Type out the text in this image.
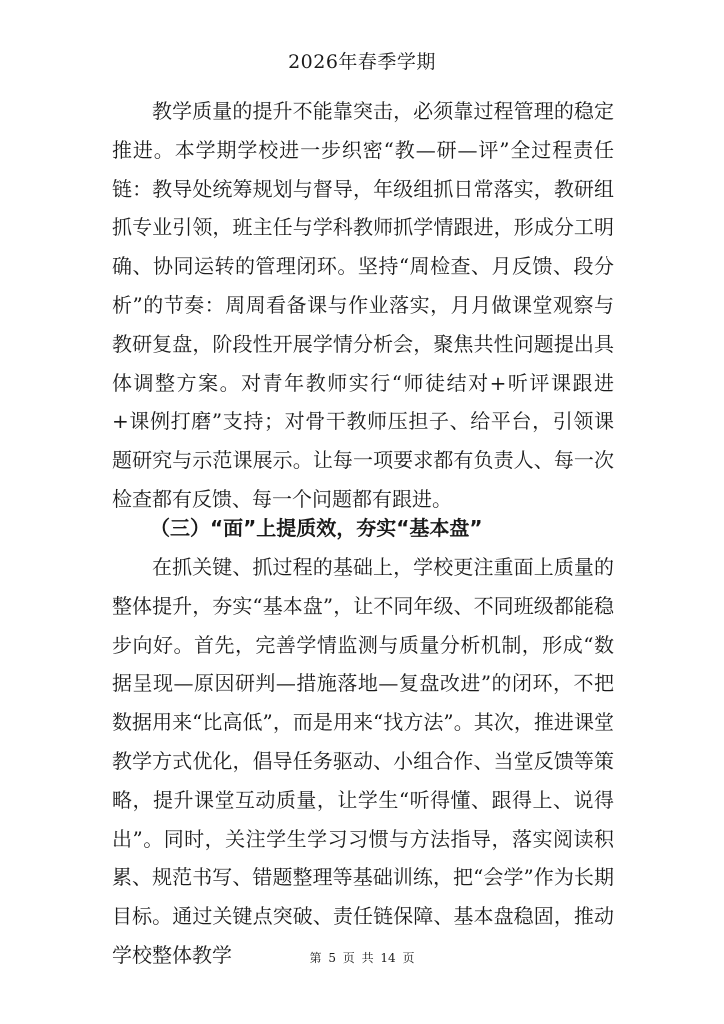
2026年春季学期

教学质量的提升不能靠突击，必须靠过程管理的稳定推进。本学期学校进一步织密“教—研—评”全过程责任链：教导处统筹规划与督导，年级组抓日常落实，教研组抓专业引领，班主任与学科教师抓学情跟进，形成分工明确、协同运转的管理闭环。坚持“周检查、月反馈、段分析”的节奏：周周看备课与作业落实，月月做课堂观察与教研复盘，阶段性开展学情分析会，聚焦共性问题提出具体调整方案。对青年教师实行“师徒结对+听评课跟进+课例打磨”支持；对骨干教师压担子、给平台，引领课题研究与示范课展示。让每一项要求都有负责人、每一次检查都有反馈、每一个问题都有跟进。

（三）“面”上提质效，夯实“基本盘”

在抓关键、抓过程的基础上，学校更注重面上质量的整体提升，夯实“基本盘”，让不同年级、不同班级都能稳步向好。首先，完善学情监测与质量分析机制，形成“数据呈现—原因研判—措施落地—复盘改进”的闭环，不把数据用来“比高低”，而是用来“找方法”。其次，推进课堂教学方式优化，倡导任务驱动、小组合作、当堂反馈等策略，提升课堂互动质量，让学生“听得懂、跟得上、说得出”。同时，关注学生学习习惯与方法指导，落实阅读积累、规范书写、错题整理等基础训练，把“会学”作为长期目标。通过关键点突破、责任链保障、基本盘稳固，推动学校整体教学	第 5 页 共 14 页
